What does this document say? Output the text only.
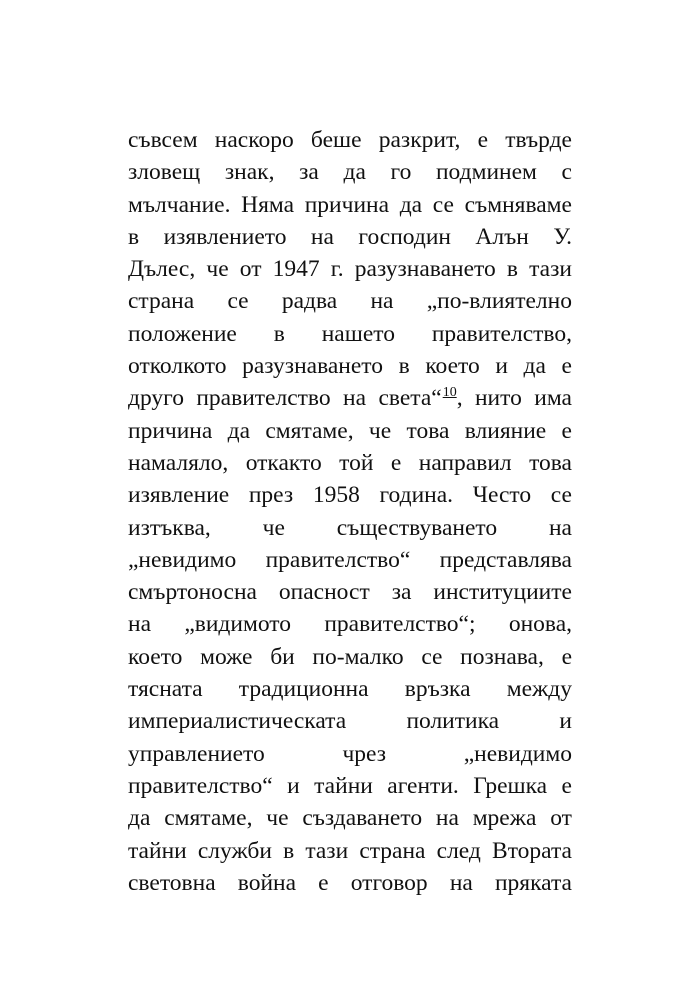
съвсем наскоро беше разкрит, е твърде
зловещ знак, за да го подминем с
мълчание. Няма причина да се съмняваме
в изявлението на господин Алън У.
Дълес, че от 1947 г. разузнаването в тази
страна се радва на „по-влиятелно
положение в нашето правителство,
отколкото разузнаването в което и да е
друго правителство на света“10, нито има
причина да смятаме, че това влияние е
намаляло, откакто той е направил това
изявление през 1958 година. Често се
изтъква, че съществуването на
„невидимо правителство“ представлява
смъртоносна опасност за институциите
на „видимото правителство“; онова,
което може би по-малко се познава, е
тясната традиционна връзка между
империалистическата	политика	и
управлението	чрез	„невидимо
правителство“ и тайни агенти. Грешка е
да смятаме, че създаването на мрежа от
тайни служби в тази страна след Втората
световна война е отговор на пряката
